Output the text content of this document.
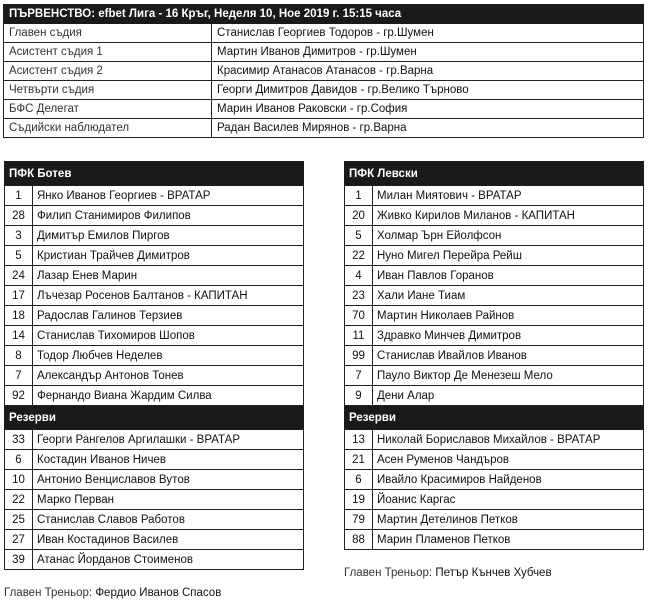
ПЪРВЕНСТВО: efbet Лига - 16 Кръг, Неделя 10, Ное 2019 г. 15:15 часа	
Главен съдия	Станислав Георгиев Тодоров - гр.Шумен
Асистент съдия 1	Мартин Иванов Димитров - гр.Шумен
Асистент съдия 2	Красимир Атанасов Атанасов - гр.Варна
Четвърти съдия	Георги Димитров Давидов - гр.Велико Търново
БФС Делегат	Марин Иванов Раковски - гр.София
Съдийски наблюдател	Радан Василев Мирянов - гр.Варна
ПФК Ботев	
1	Янко Иванов Георгиев - ВРАТАР
28	Филип Станимиров Филипов
3	Димитър Емилов Пиргов
5	Кристиан Трайчев Димитров
24	Лазар Енев Марин
17	Лъчезар Росенов Балтанов - КАПИТАН
18	Радослав Галинов Терзиев
14	Станислав Тихомиров Шопов
8	Тодор Любчев Неделев
7	Александър Антонов Тонев
92	Фернандо Виана Жардим Силва
Резерви	
33	Георги Рангелов Аргилашки - ВРАТАР
6	Костадин Иванов Ничев
10	Антонио Венциславов Вутов
22	Марко Перван
25	Станислав Славов Работов
27	Иван Костадинов Василев
39	Атанас Йорданов Стоименов
ПФК Левски	
1	Милан Миятович - ВРАТАР
20	Живко Кирилов Миланов - КАПИТАН
5	Холмар Ърн Ейолфсон
22	Нуно Мигел Перейра Рейш
4	Иван Павлов Горанов
23	Хали Иане Тиам
70	Мартин Николаев Райнов
11	Здравко Минчев Димитров
99	Станислав Ивайлов Иванов
7	Пауло Виктор Де Менезеш Мело
9	Дени Алар
Резерви	
13	Николай Бориславов Михайлов - ВРАТАР
21	Асен Руменов Чандъров
6	Ивайло Красимиров Найденов
19	Йоанис Каргас
79	Мартин Детелинов Петков
88	Марин Пламенов Петков
Главен Треньор: Петър Кънчев Хубчев
Главен Треньор: Фердио Иванов Спасов
